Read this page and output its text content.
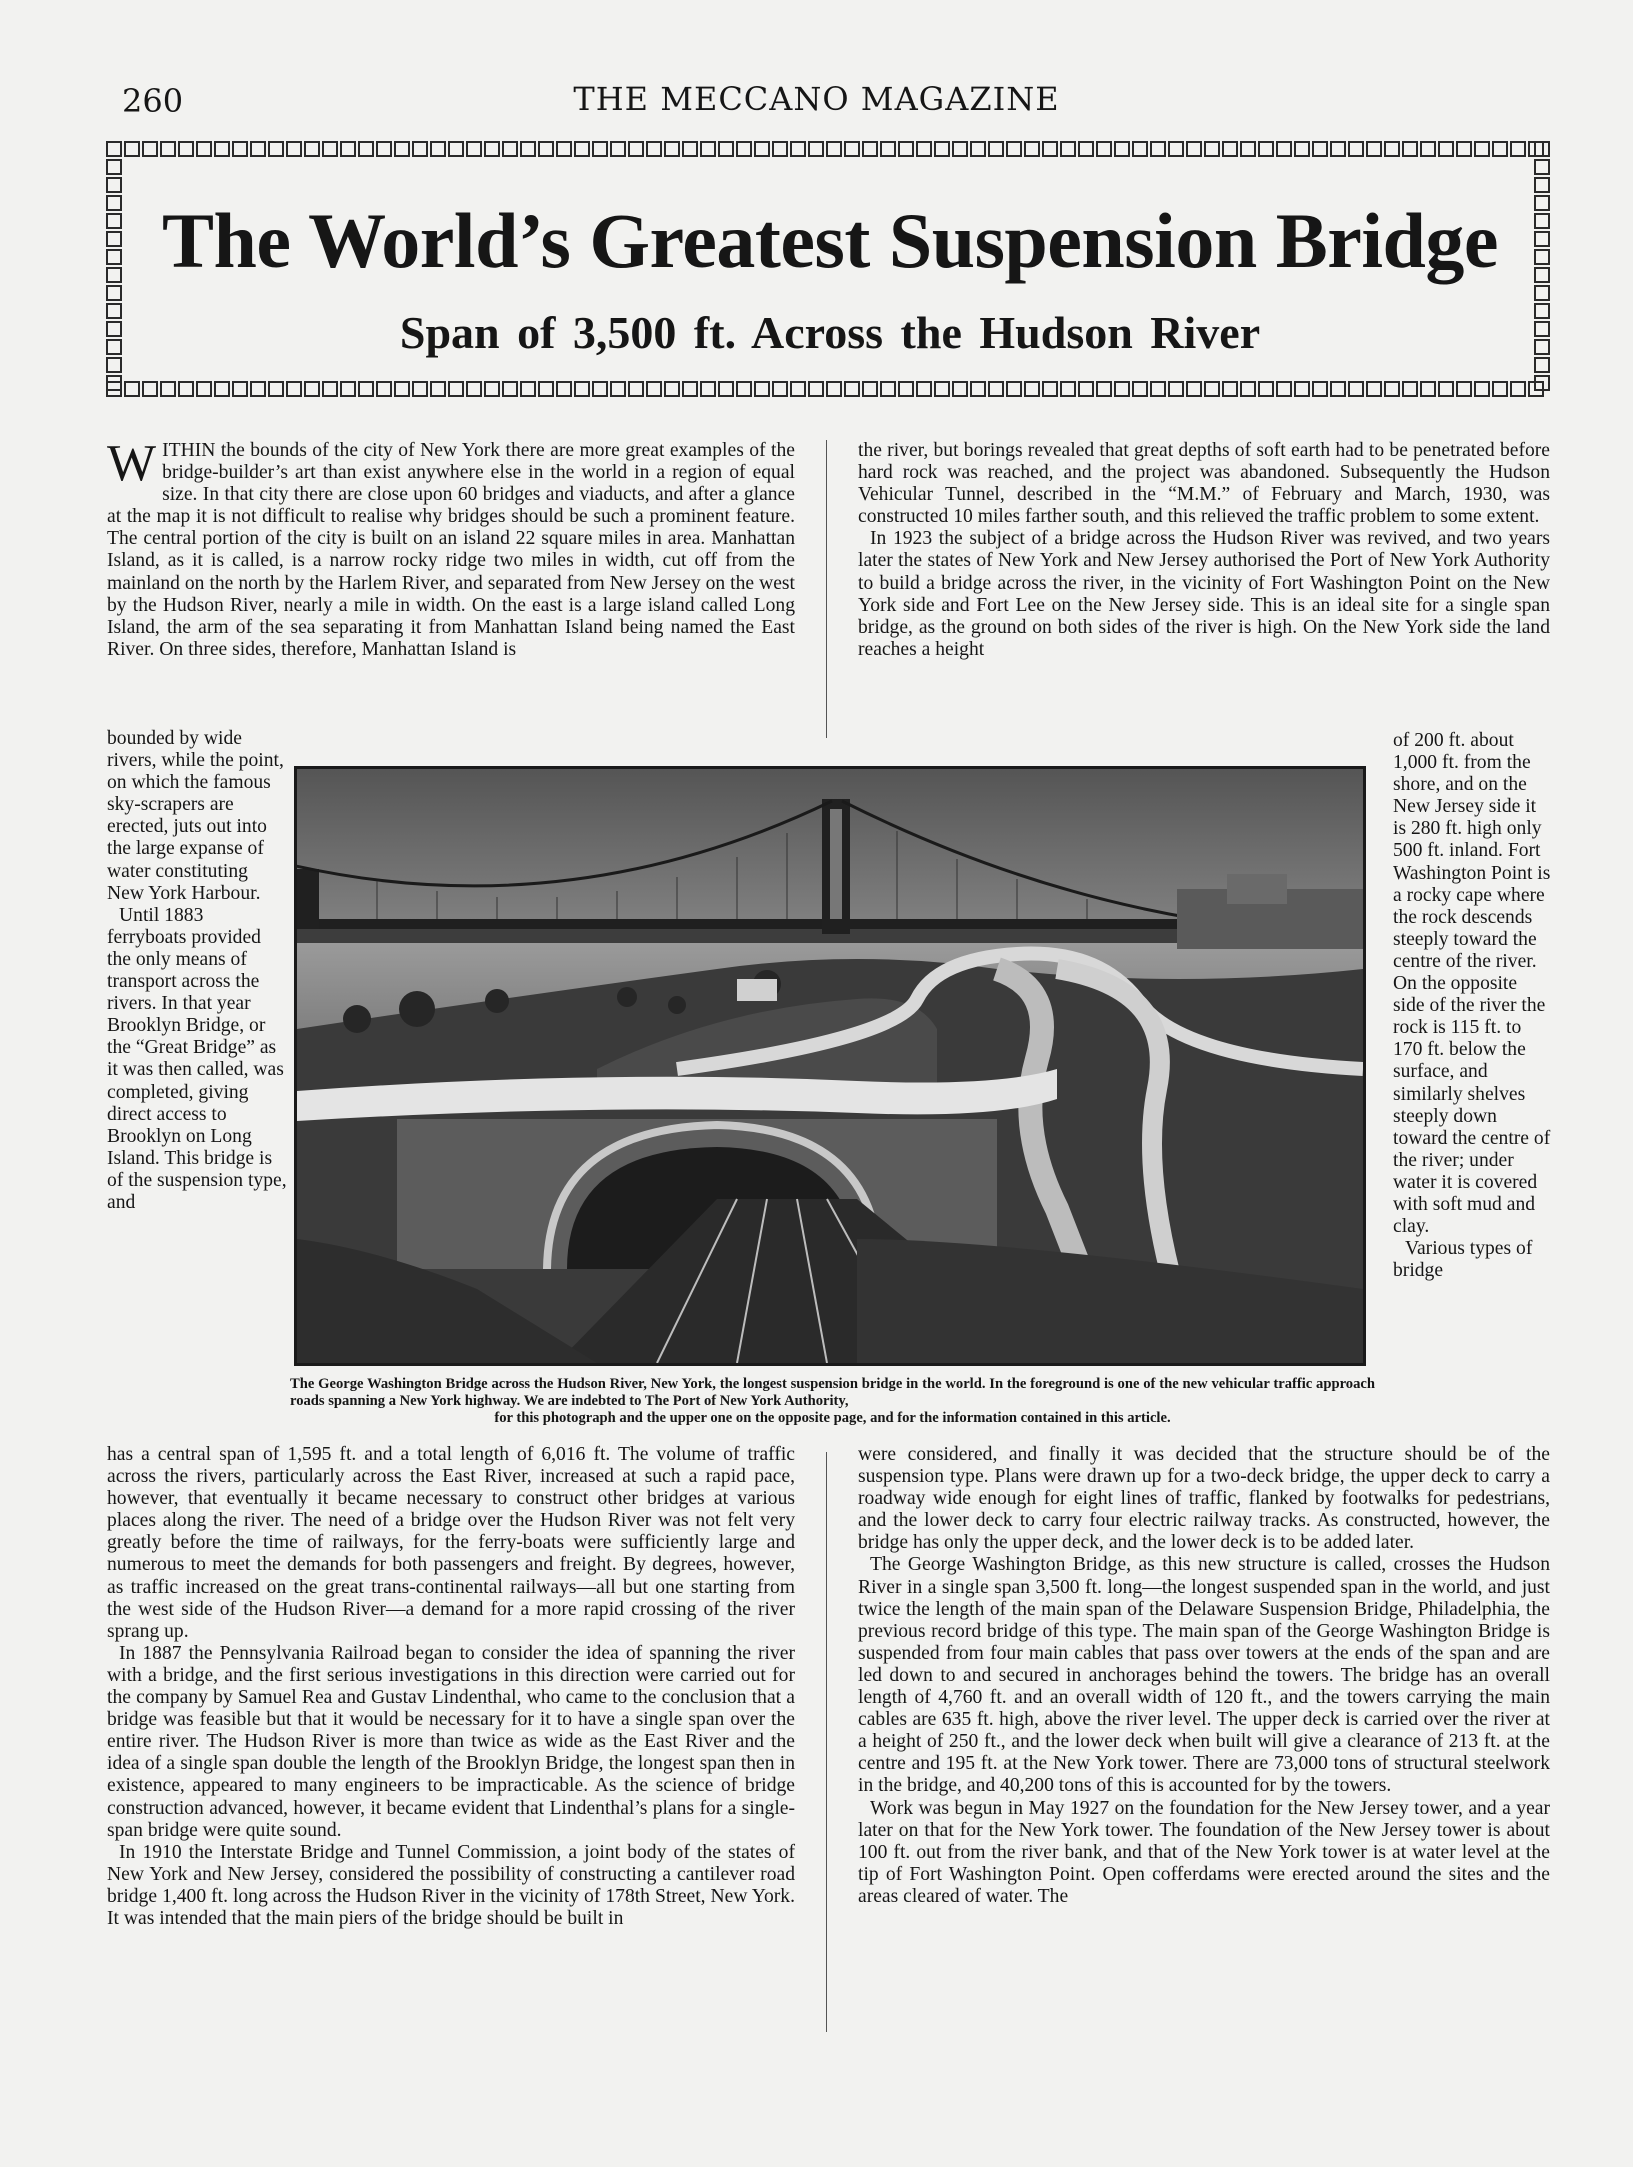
260	THE MECCANO MAGAZINE
The World’s Greatest Suspension Bridge
Span of 3,500 ft. Across the Hudson River

WITHIN the bounds of the city of New York there are more great examples of the bridge-builder’s art than exist anywhere else in the world in a region of equal size. In that city there are close upon 60 bridges and viaducts, and after a glance at the map it is not difficult to realise why bridges should be such a prominent feature. The central portion of the city is built on an island 22 square miles in area. Manhattan Island, as it is called, is a narrow rocky ridge two miles in width, cut off from the mainland on the north by the Harlem River, and separated from New Jersey on the west by the Hudson River, nearly a mile in width. On the east is a large island called Long Island, the arm of the sea separating it from Manhattan Island being named the East River. On three sides, therefore, Manhattan Island is

bounded by wide rivers, while the point, on which the famous sky-scrapers are erected, juts out into the large expanse of water constituting New York Harbour.

Until 1883 ferryboats provided the only means of transport across the rivers. In that year Brooklyn Bridge, or the “Great Bridge” as it was then called, was completed, giving direct access to Brooklyn on Long Island. This bridge is of the suspension type, and

The George Washington Bridge across the Hudson River, New York, the longest suspension bridge in the world. In the foreground is one of the new vehicular traffic approach roads spanning a New York highway. We are indebted to The Port of New York Authority,
for this photograph and the upper one on the opposite page, and for the information contained in this article.

has a central span of 1,595 ft. and a total length of 6,016 ft. The volume of traffic across the rivers, particularly across the East River, increased at such a rapid pace, however, that eventually it became necessary to construct other bridges at various places along the river. The need of a bridge over the Hudson River was not felt very greatly before the time of railways, for the ferry-boats were sufficiently large and numerous to meet the demands for both passengers and freight. By degrees, however, as traffic increased on the great trans-continental railways—all but one starting from the west side of the Hudson River—a demand for a more rapid crossing of the river sprang up.

In 1887 the Pennsylvania Railroad began to consider the idea of spanning the river with a bridge, and the first serious investigations in this direction were carried out for the company by Samuel Rea and Gustav Lindenthal, who came to the conclusion that a bridge was feasible but that it would be necessary for it to have a single span over the entire river. The Hudson River is more than twice as wide as the East River and the idea of a single span double the length of the Brooklyn Bridge, the longest span then in existence, appeared to many engineers to be impracticable. As the science of bridge construction advanced, however, it became evident that Lindenthal’s plans for a single-span bridge were quite sound.

In 1910 the Interstate Bridge and Tunnel Commission, a joint body of the states of New York and New Jersey, considered the possibility of constructing a cantilever road bridge 1,400 ft. long across the Hudson River in the vicinity of 178th Street, New York. It was intended that the main piers of the bridge should be built in

the river, but borings revealed that great depths of soft earth had to be penetrated before hard rock was reached, and the project was abandoned. Subsequently the Hudson Vehicular Tunnel, described in the “M.M.” of February and March, 1930, was constructed 10 miles farther south, and this relieved the traffic problem to some extent.

In 1923 the subject of a bridge across the Hudson River was revived, and two years later the states of New York and New Jersey authorised the Port of New York Authority to build a bridge across the river, in the vicinity of Fort Washington Point on the New York side and Fort Lee on the New Jersey side. This is an ideal site for a single span bridge, as the ground on both sides of the river is high. On the New York side the land reaches a height

of 200 ft. about 1,000 ft. from the shore, and on the New Jersey side it is 280 ft. high only 500 ft. inland. Fort Washington Point is a rocky cape where the rock descends steeply toward the centre of the river. On the opposite side of the river the rock is 115 ft. to 170 ft. below the surface, and similarly shelves steeply down toward the centre of the river; under water it is covered with soft mud and clay.

Various types of bridge

were considered, and finally it was decided that the structure should be of the suspension type. Plans were drawn up for a two-deck bridge, the upper deck to carry a roadway wide enough for eight lines of traffic, flanked by footwalks for pedestrians, and the lower deck to carry four electric railway tracks. As constructed, however, the bridge has only the upper deck, and the lower deck is to be added later.

The George Washington Bridge, as this new structure is called, crosses the Hudson River in a single span 3,500 ft. long—the longest suspended span in the world, and just twice the length of the main span of the Delaware Suspension Bridge, Philadelphia, the previous record bridge of this type. The main span of the George Washington Bridge is suspended from four main cables that pass over towers at the ends of the span and are led down to and secured in anchorages behind the towers. The bridge has an overall length of 4,760 ft. and an overall width of 120 ft., and the towers carrying the main cables are 635 ft. high, above the river level. The upper deck is carried over the river at a height of 250 ft., and the lower deck when built will give a clearance of 213 ft. at the centre and 195 ft. at the New York tower. There are 73,000 tons of structural steelwork in the bridge, and 40,200 tons of this is accounted for by the towers.

Work was begun in May 1927 on the foundation for the New Jersey tower, and a year later on that for the New York tower. The foundation of the New Jersey tower is about 100 ft. out from the river bank, and that of the New York tower is at water level at the tip of Fort Washington Point. Open cofferdams were erected around the sites and the areas cleared of water. The
